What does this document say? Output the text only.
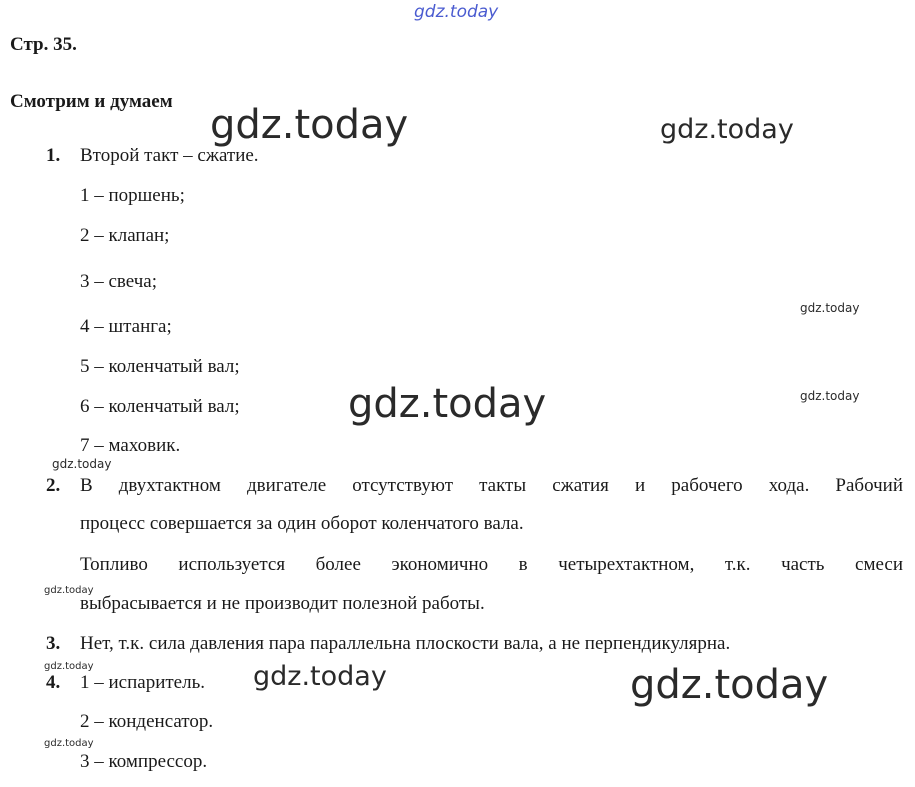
gdz.today
gdz.today	gdz.today
gdz.today
gdz.today	gdz.today
gdz.today
gdz.today
gdz.today	gdz.today	gdz.today
gdz.today
Стр. 35.
Смотрим и думаем
1. Второй такт – сжатие.
1 – поршень;
2 – клапан;
3 – свеча;
4 – штанга;
5 – коленчатый вал;
6 – коленчатый вал;
7 – маховик.
2. В двухтактном двигателе отсутствуют такты сжатия и рабочего хода. Рабочий
процесс совершается за один оборот коленчатого вала.
Топливо используется более экономично в четырехтактном, т.к. часть смеси
выбрасывается и не производит полезной работы.
3. Нет, т.к. сила давления пара параллельна плоскости вала, а не перпендикулярна.
4. 1 – испаритель.
2 – конденсатор.
3 – компрессор.
